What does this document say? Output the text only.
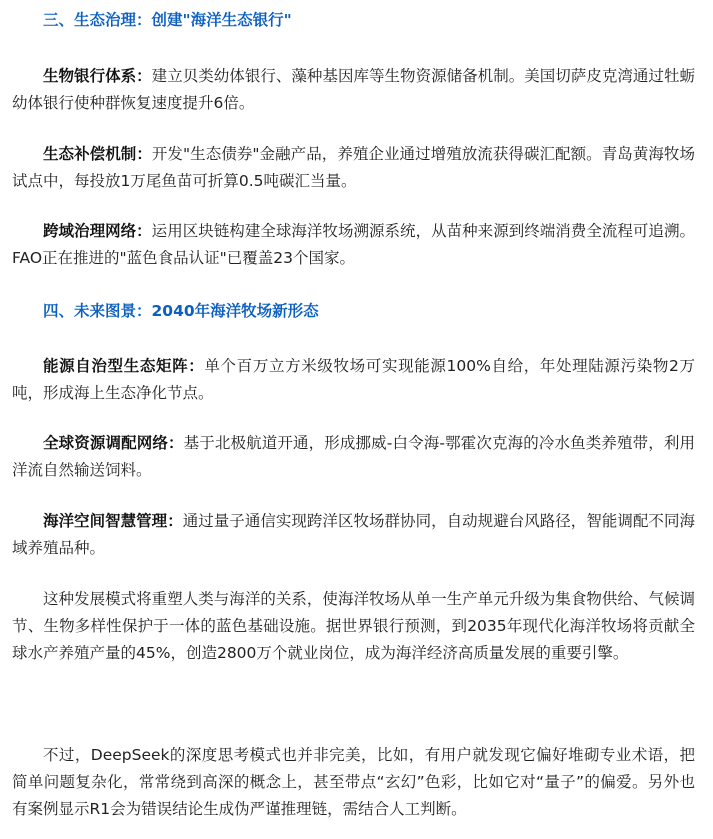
三、生态治理：创建"海洋生态银行"

生物银行体系：建立贝类幼体银行、藻种基因库等生物资源储备机制。美国切萨皮克湾通过牡蛎幼体银行使种群恢复速度提升6倍。

生态补偿机制：开发"生态债券"金融产品，养殖企业通过增殖放流获得碳汇配额。青岛黄海牧场试点中，每投放1万尾鱼苗可折算0.5吨碳汇当量。

跨域治理网络：运用区块链构建全球海洋牧场溯源系统，从苗种来源到终端消费全流程可追溯。FAO正在推进的"蓝色食品认证"已覆盖23个国家。

四、未来图景：2040年海洋牧场新形态

能源自治型生态矩阵：单个百万立方米级牧场可实现能源100%自给，年处理陆源污染物2万吨，形成海上生态净化节点。

全球资源调配网络：基于北极航道开通，形成挪威-白令海-鄂霍次克海的冷水鱼类养殖带，利用洋流自然输送饲料。

海洋空间智慧管理：通过量子通信实现跨洋区牧场群协同，自动规避台风路径，智能调配不同海域养殖品种。

这种发展模式将重塑人类与海洋的关系，使海洋牧场从单一生产单元升级为集食物供给、气候调节、生物多样性保护于一体的蓝色基础设施。据世界银行预测，到2035年现代化海洋牧场将贡献全球水产养殖产量的45%，创造2800万个就业岗位，成为海洋经济高质量发展的重要引擎。

不过，DeepSeek的深度思考模式也并非完美，比如，有用户就发现它偏好堆砌专业术语，把简单问题复杂化，常常绕到高深的概念上，甚至带点“玄幻”色彩，比如它对“量子”的偏爱。另外也有案例显示R1会为错误结论生成伪严谨推理链，需结合人工判断。
